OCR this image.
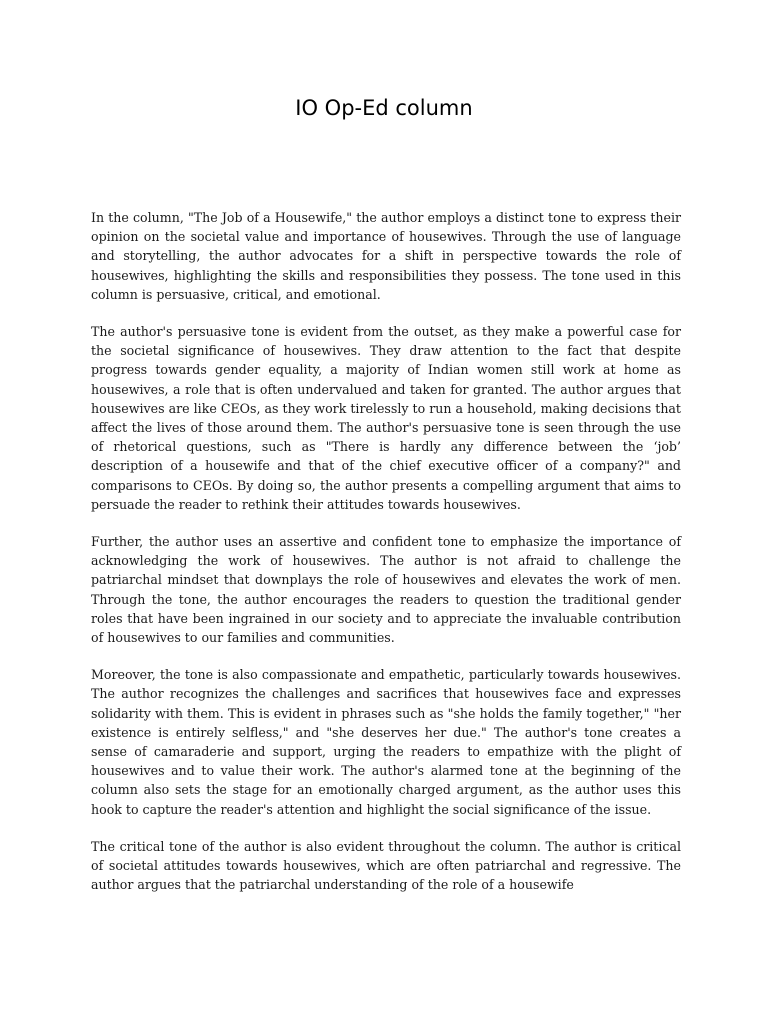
IO Op-Ed column

In the column, "The Job of a Housewife," the author employs a distinct tone to express their opinion on the societal value and importance of housewives. Through the use of language and storytelling, the author advocates for a shift in perspective towards the role of housewives, highlighting the skills and responsibilities they possess. The tone used in this column is persuasive, critical, and emotional.

The author's persuasive tone is evident from the outset, as they make a powerful case for the societal significance of housewives. They draw attention to the fact that despite progress towards gender equality, a majority of Indian women still work at home as housewives, a role that is often undervalued and taken for granted. The author argues that housewives are like CEOs, as they work tirelessly to run a household, making decisions that affect the lives of those around them. The author's persuasive tone is seen through the use of rhetorical questions, such as "There is hardly any difference between the ‘job’ description of a housewife and that of the chief executive officer of a company?" and comparisons to CEOs. By doing so, the author presents a compelling argument that aims to persuade the reader to rethink their attitudes towards housewives.

Further, the author uses an assertive and confident tone to emphasize the importance of acknowledging the work of housewives. The author is not afraid to challenge the patriarchal mindset that downplays the role of housewives and elevates the work of men. Through the tone, the author encourages the readers to question the traditional gender roles that have been ingrained in our society and to appreciate the invaluable contribution of housewives to our families and communities.

Moreover, the tone is also compassionate and empathetic, particularly towards housewives. The author recognizes the challenges and sacrifices that housewives face and expresses solidarity with them. This is evident in phrases such as "she holds the family together," "her existence is entirely selfless," and "she deserves her due." The author's tone creates a sense of camaraderie and support, urging the readers to empathize with the plight of housewives and to value their work. The author's alarmed tone at the beginning of the column also sets the stage for an emotionally charged argument, as the author uses this hook to capture the reader's attention and highlight the social significance of the issue.

The critical tone of the author is also evident throughout the column. The author is critical of societal attitudes towards housewives, which are often patriarchal and regressive. The author argues that the patriarchal understanding of the role of a housewife
